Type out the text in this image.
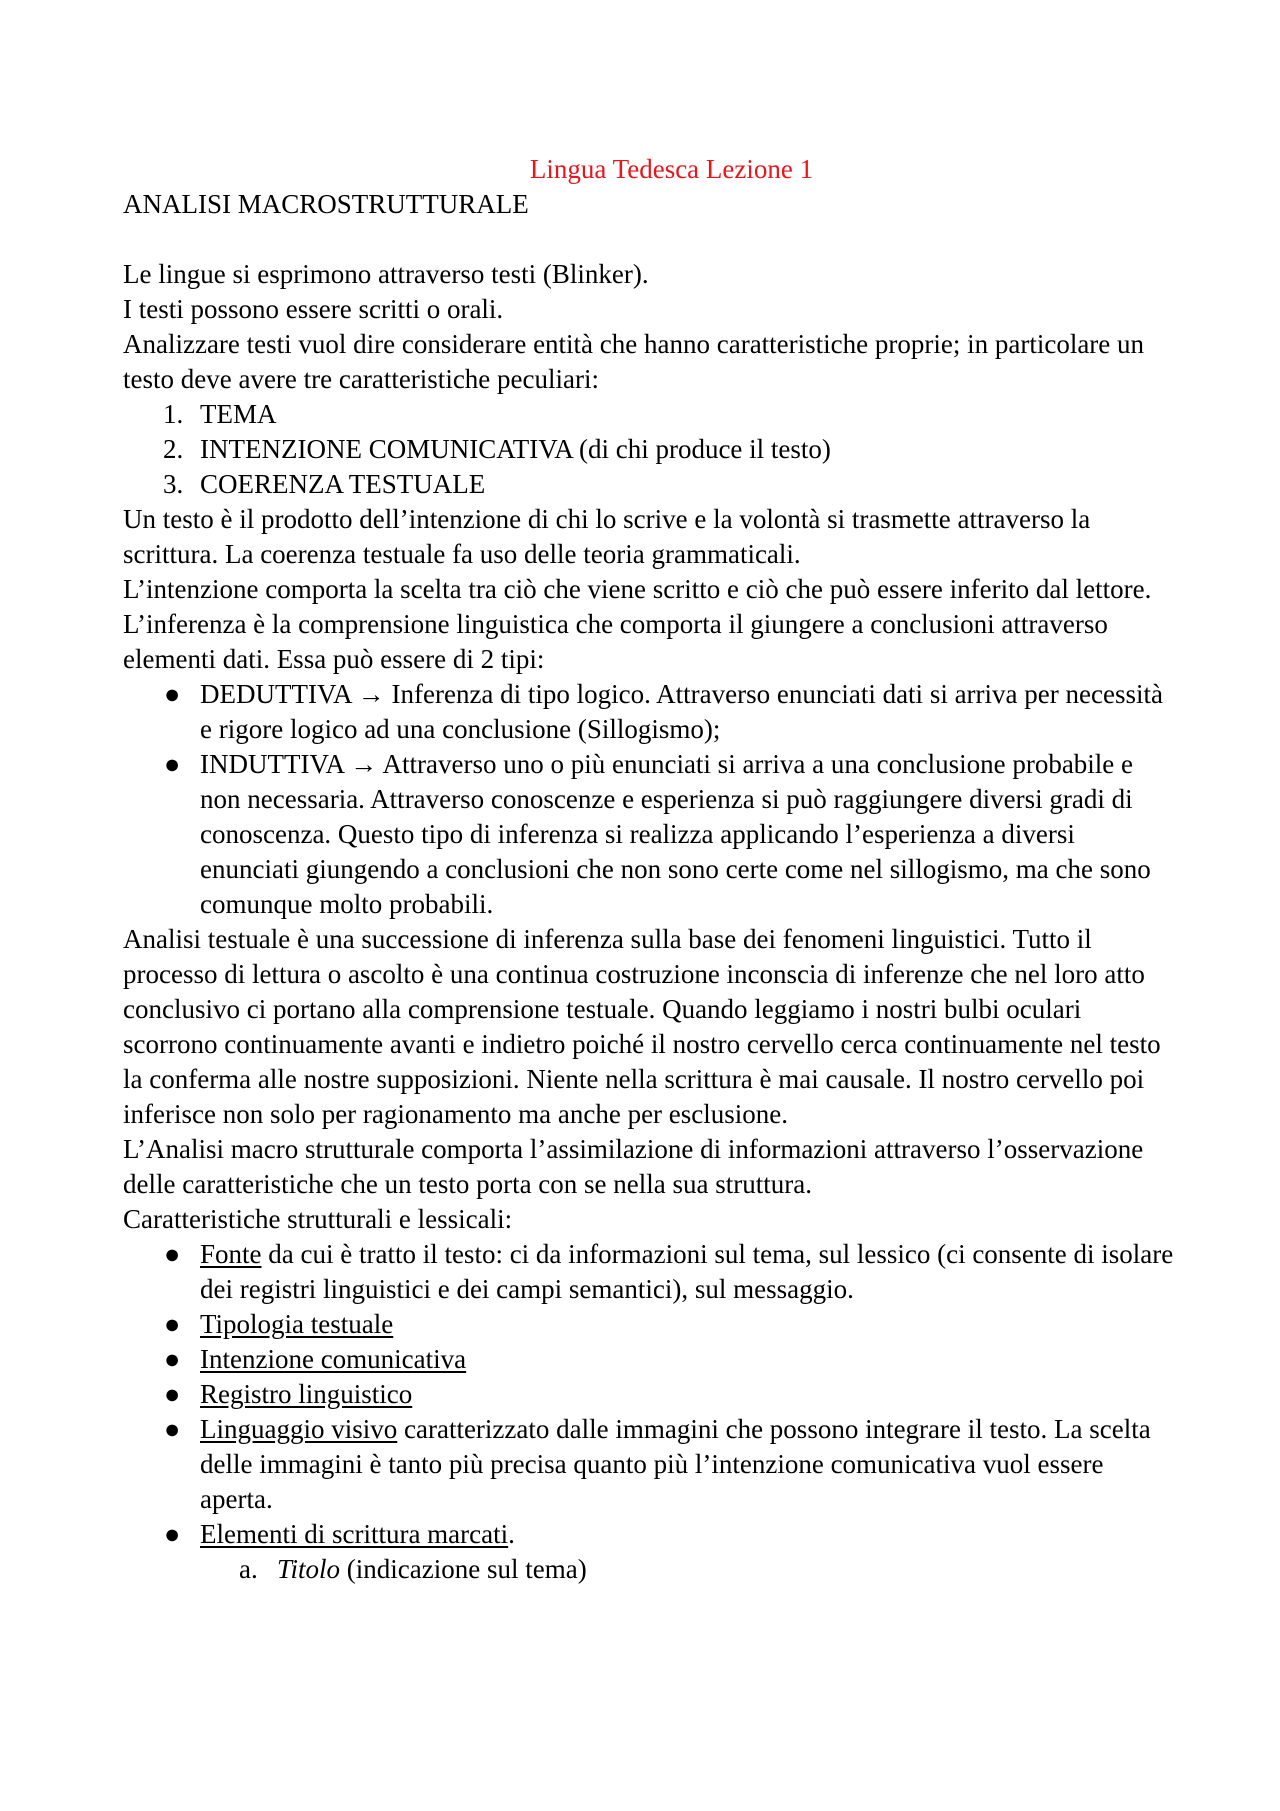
Lingua Tedesca Lezione 1
ANALISI MACROSTRUTTURALE

Le lingue si esprimono attraverso testi (Blinker).

I testi possono essere scritti o orali.

Analizzare testi vuol dire considerare entità che hanno caratteristiche proprie; in particolare un testo deve avere tre caratteristiche peculiari:

1. TEMA
2. INTENZIONE COMUNICATIVA (di chi produce il testo)
3. COERENZA TESTUALE

Un testo è il prodotto dell’intenzione di chi lo scrive e la volontà si trasmette attraverso la scrittura. La coerenza testuale fa uso delle teoria grammaticali.

L’intenzione comporta la scelta tra ciò che viene scritto e ciò che può essere inferito dal lettore.

L’inferenza è la comprensione linguistica che comporta il giungere a conclusioni attraverso elementi dati. Essa può essere di 2 tipi:

● DEDUTTIVA → Inferenza di tipo logico. Attraverso enunciati dati si arriva per necessità e rigore logico ad una conclusione (Sillogismo);
● INDUTTIVA → Attraverso uno o più enunciati si arriva a una conclusione probabile e non necessaria. Attraverso conoscenze e esperienza si può raggiungere diversi gradi di conoscenza. Questo tipo di inferenza si realizza applicando l’esperienza a diversi enunciati giungendo a conclusioni che non sono certe come nel sillogismo, ma che sono comunque molto probabili.

Analisi testuale è una successione di inferenza sulla base dei fenomeni linguistici. Tutto il processo di lettura o ascolto è una continua costruzione inconscia di inferenze che nel loro atto conclusivo ci portano alla comprensione testuale. Quando leggiamo i nostri bulbi oculari scorrono continuamente avanti e indietro poiché il nostro cervello cerca continuamente nel testo la conferma alle nostre supposizioni. Niente nella scrittura è mai causale. Il nostro cervello poi inferisce non solo per ragionamento ma anche per esclusione.

L’Analisi macro strutturale comporta l’assimilazione di informazioni attraverso l’osservazione delle caratteristiche che un testo porta con se nella sua struttura.

Caratteristiche strutturali e lessicali:

● Fonte da cui è tratto il testo: ci da informazioni sul tema, sul lessico (ci consente di isolare dei registri linguistici e dei campi semantici), sul messaggio.
● Tipologia testuale
● Intenzione comunicativa
● Registro linguistico
● Linguaggio visivo caratterizzato dalle immagini che possono integrare il testo. La scelta delle immagini è tanto più precisa quanto più l’intenzione comunicativa vuol essere aperta.
● Elementi di scrittura marcati.
a. Titolo (indicazione sul tema)
